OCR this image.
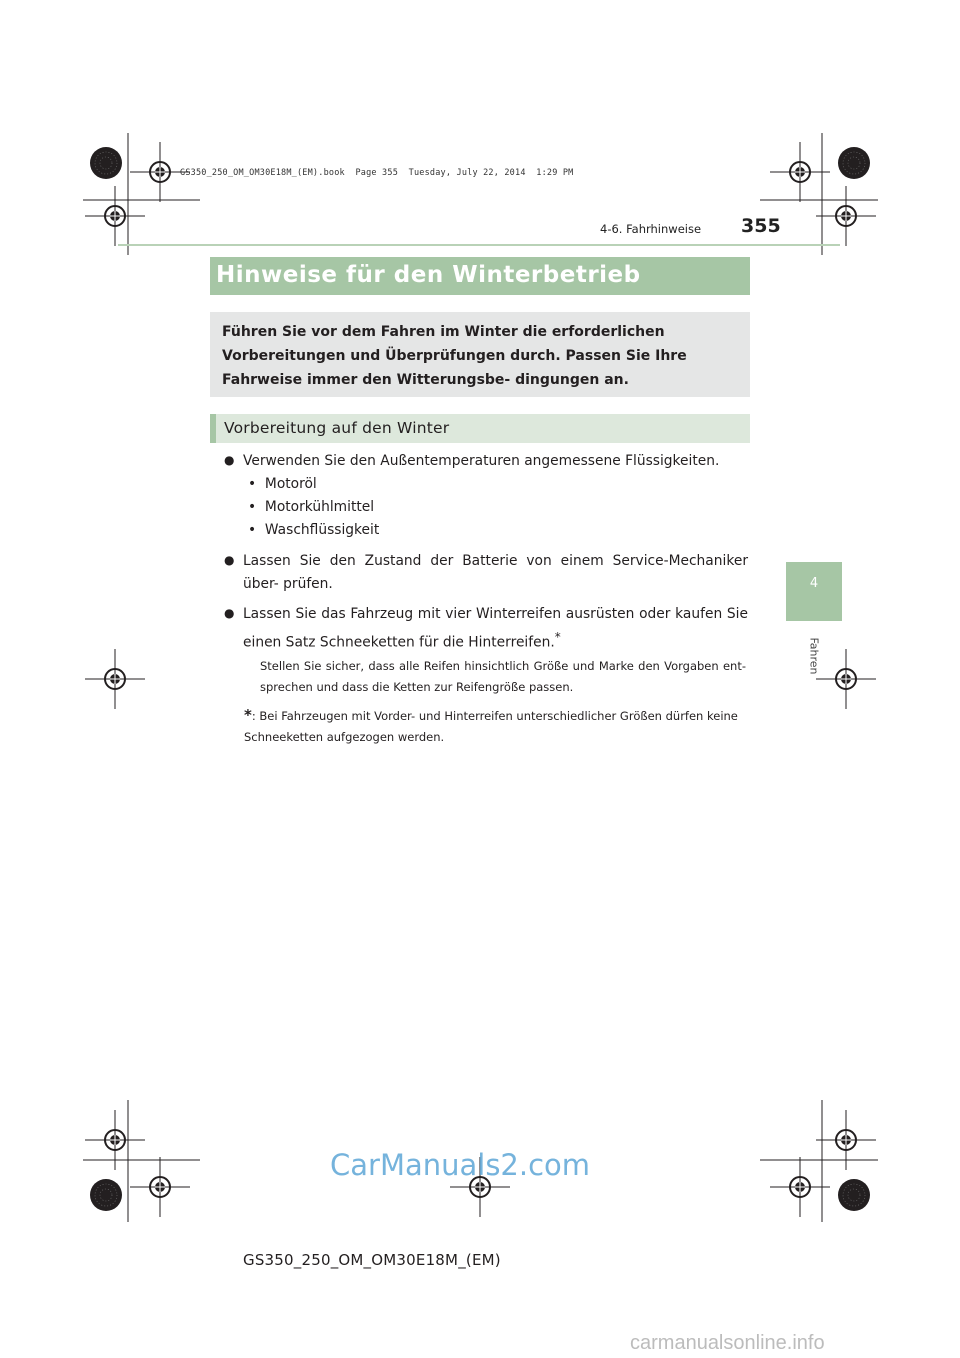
GS350_250_OM_OM30E18M_(EM).book  Page 355  Tuesday, July 22, 2014  1:29 PM
4-6. Fahrhinweise 355
4
Fahren
Hinweise für den Winterbetrieb
Führen Sie vor dem Fahren im Winter die erforderlichen Vorbereitungen und Überprüfungen durch. Passen Sie Ihre Fahrweise immer den Witterungsbe- dingungen an.
Vorbereitung auf den Winter
● Verwenden Sie den Außentemperaturen angemessene Flüssigkeiten.
• Motoröl
• Motorkühlmittel
• Waschflüssigkeit
● Lassen Sie den Zustand der Batterie von einem Service-Mechaniker über- prüfen.
● Lassen Sie das Fahrzeug mit vier Winterreifen ausrüsten oder kaufen Sie einen Satz Schneeketten für die Hinterreifen.*
Stellen Sie sicher, dass alle Reifen hinsichtlich Größe und Marke den Vorgaben ent- sprechen und dass die Ketten zur Reifengröße passen.
*: Bei Fahrzeugen mit Vorder- und Hinterreifen unterschiedlicher Größen dürfen keine Schneeketten aufgezogen werden.
GS350_250_OM_OM30E18M_(EM)
CarManuals2.com
carmanualsonline.info
